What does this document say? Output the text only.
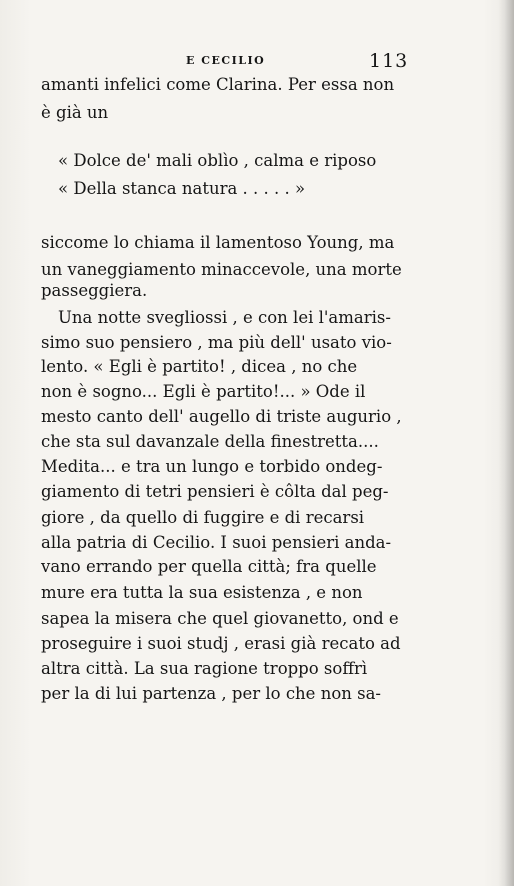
E CECILIO	113
amanti infelici come Clarina. Per essa non
è già un
« Dolce de' mali oblìo , calma e riposo
« Della stanca natura . . . . . »
siccome lo chiama il lamentoso Young, ma
un vaneggiamento minaccevole, una morte
passeggiera.
Una notte svegliossi , e con lei l'amaris-
simo suo pensiero , ma più dell' usato vio-
lento. « Egli è partito! , dicea , no che
non è sogno... Egli è partito!... » Ode il
mesto canto dell' augello di triste augurio ,
che sta sul davanzale della finestretta....
Medita... e tra un lungo e torbido ondeg-
giamento di tetri pensieri è côlta dal peg-
giore , da quello di fuggire e di recarsi
alla patria di Cecilio. I suoi pensieri anda-
vano errando per quella città; fra quelle
mure era tutta la sua esistenza , e non
sapea la misera che quel giovanetto, ond e
proseguire i suoi studj , erasi già recato ad
altra città. La sua ragione troppo soffrì
per la di lui partenza , per lo che non sa-
